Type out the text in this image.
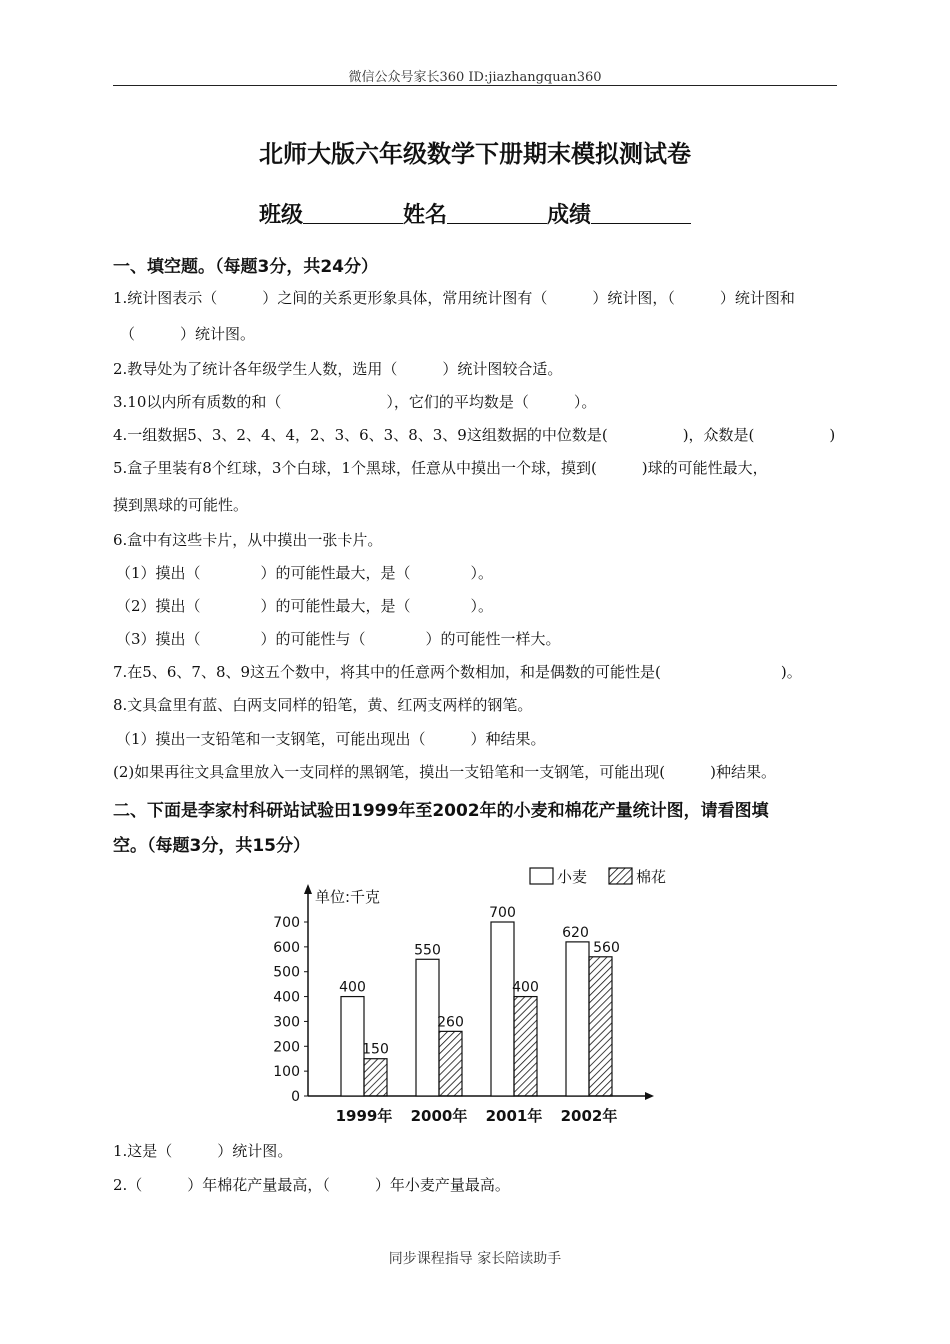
微信公众号家长360 ID:jiazhangquan360
北师大版六年级数学下册期末模拟测试卷
班级	姓名	成绩
一、填空题。（每题3分，共24分）
1.统计图表示（　　　）之间的关系更形象具体，常用统计图有（　　　）统计图，（　　　）统计图和
（　　　）统计图。
2.教导处为了统计各年级学生人数，选用（　　　）统计图较合适。
3.10以内所有质数的和（　　　　　　　），它们的平均数是（　　　）。
4.一组数据5、3、2、4、4，2、3、6、3、8、3、9这组数据的中位数是(　　　　　)，众数是(　　　　　)
5.盒子里装有8个红球，3个白球，1个黑球，任意从中摸出一个球，摸到(　　　)球的可能性最大，
摸到黑球的可能性。
6.盒中有这些卡片，从中摸出一张卡片。
（1）摸出（　　　　）的可能性最大，是（　　　　）。
（2）摸出（　　　　）的可能性最大，是（　　　　）。
（3）摸出（　　　　）的可能性与（　　　　）的可能性一样大。
7.在5、6、7、8、9这五个数中，将其中的任意两个数相加，和是偶数的可能性是(　　　　　　　　)。
8.文具盒里有蓝、白两支同样的铅笔，黄、红两支两样的钢笔。
（1）摸出一支铅笔和一支钢笔，可能出现出（　　　）种结果。
(2)如果再往文具盒里放入一支同样的黑钢笔，摸出一支铅笔和一支钢笔，可能出现(　　　)种结果。
二、下面是李家村科研站试验田1999年至2002年的小麦和棉花产量统计图，请看图填
空。（每题3分，共15分）
单位:千克
0
100
200
300
400
500
600
700
400
150
1999年
550
260
2000年
700
400
2001年
620
560
2002年
小麦	棉花
1.这是（　　　）统计图。
2.（　　　）年棉花产量最高，（　　　）年小麦产量最高。
同步课程指导 家长陪读助手
